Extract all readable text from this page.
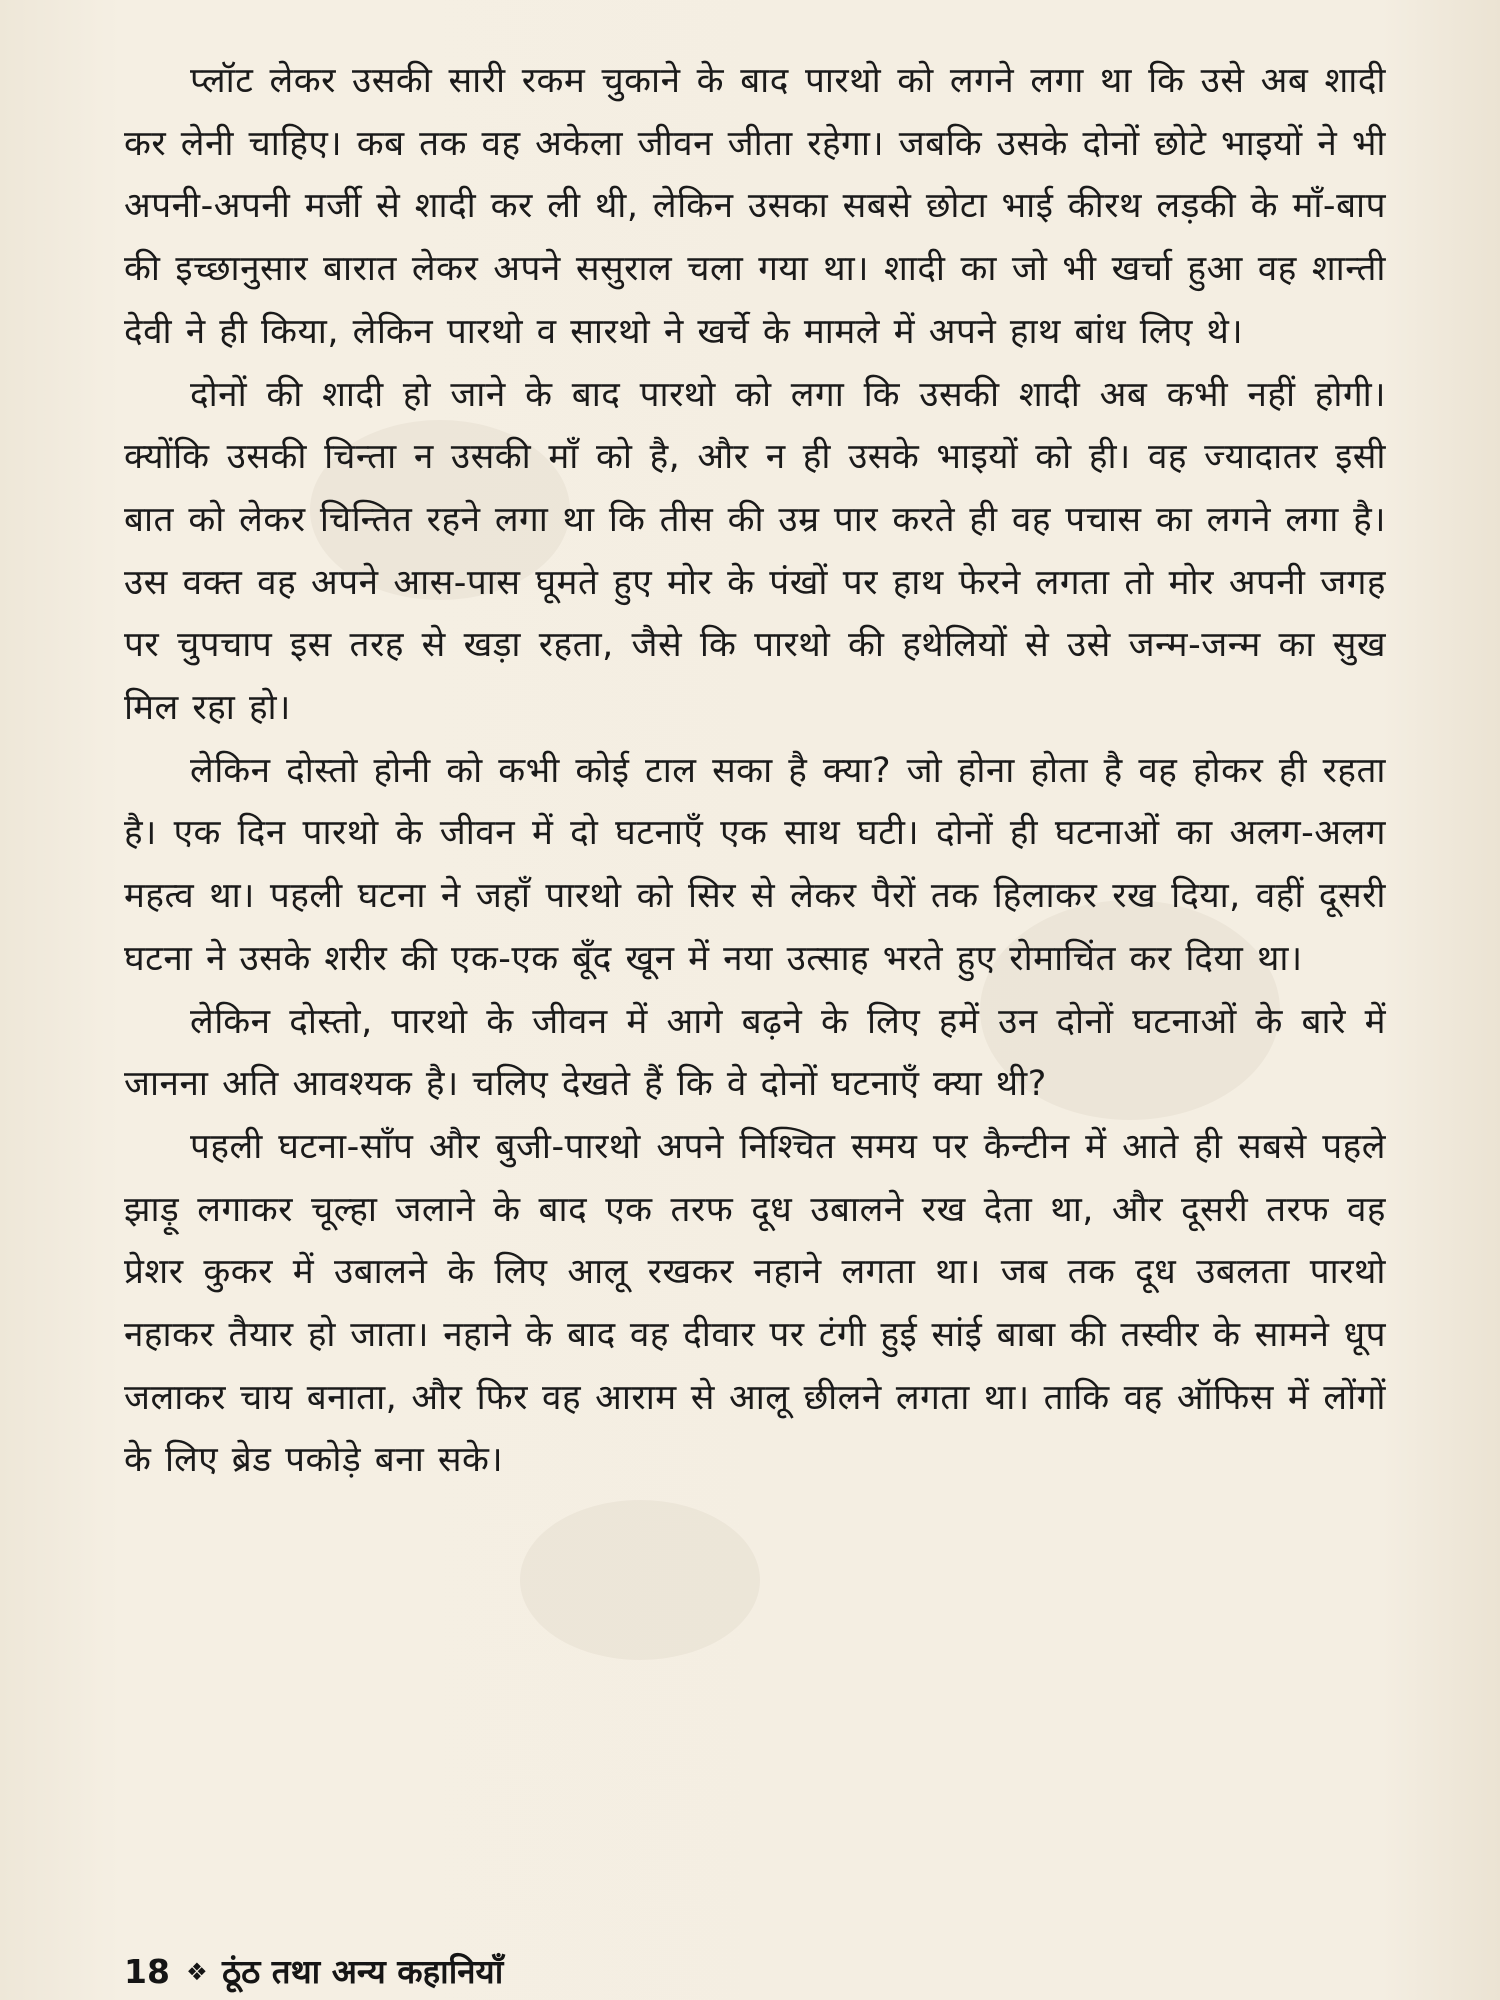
प्लॉट लेकर उसकी सारी रकम चुकाने के बाद पारथो को लगने लगा था कि उसे अब शादी कर लेनी चाहिए। कब तक वह अकेला जीवन जीता रहेगा। जबकि उसके दोनों छोटे भाइयों ने भी अपनी-अपनी मर्जी से शादी कर ली थी, लेकिन उसका सबसे छोटा भाई कीरथ लड़की के माँ-बाप की इच्छानुसार बारात लेकर अपने ससुराल चला गया था। शादी का जो भी खर्चा हुआ वह शान्ती देवी ने ही किया, लेकिन पारथो व सारथो ने खर्चे के मामले में अपने हाथ बांध लिए थे।

दोनों की शादी हो जाने के बाद पारथो को लगा कि उसकी शादी अब कभी नहीं होगी। क्योंकि उसकी चिन्ता न उसकी माँ को है, और न ही उसके भाइयों को ही। वह ज्यादातर इसी बात को लेकर चिन्तित रहने लगा था कि तीस की उम्र पार करते ही वह पचास का लगने लगा है। उस वक्त वह अपने आस-पास घूमते हुए मोर के पंखों पर हाथ फेरने लगता तो मोर अपनी जगह पर चुपचाप इस तरह से खड़ा रहता, जैसे कि पारथो की हथेलियों से उसे जन्म-जन्म का सुख मिल रहा हो।

लेकिन दोस्तो होनी को कभी कोई टाल सका है क्या? जो होना होता है वह होकर ही रहता है। एक दिन पारथो के जीवन में दो घटनाएँ एक साथ घटी। दोनों ही घटनाओं का अलग-अलग महत्व था। पहली घटना ने जहाँ पारथो को सिर से लेकर पैरों तक हिलाकर रख दिया, वहीं दूसरी घटना ने उसके शरीर की एक-एक बूँद खून में नया उत्साह भरते हुए रोमाचिंत कर दिया था।

लेकिन दोस्तो, पारथो के जीवन में आगे बढ़ने के लिए हमें उन दोनों घटनाओं के बारे में जानना अति आवश्यक है। चलिए देखते हैं कि वे दोनों घटनाएँ क्या थी?

पहली घटना-साँप और बुजी-पारथो अपने निश्चित समय पर कैन्टीन में आते ही सबसे पहले झाड़ू लगाकर चूल्हा जलाने के बाद एक तरफ दूध उबालने रख देता था, और दूसरी तरफ वह प्रेशर कुकर में उबालने के लिए आलू रखकर नहाने लगता था। जब तक दूध उबलता पारथो नहाकर तैयार हो जाता। नहाने के बाद वह दीवार पर टंगी हुई सांई बाबा की तस्वीर के सामने धूप जलाकर चाय बनाता, और फिर वह आराम से आलू छीलने लगता था। ताकि वह ऑफिस में लोंगों के लिए ब्रेड पकोड़े बना सके।

18 ❖ ठूंठ तथा अन्य कहानियाँ
